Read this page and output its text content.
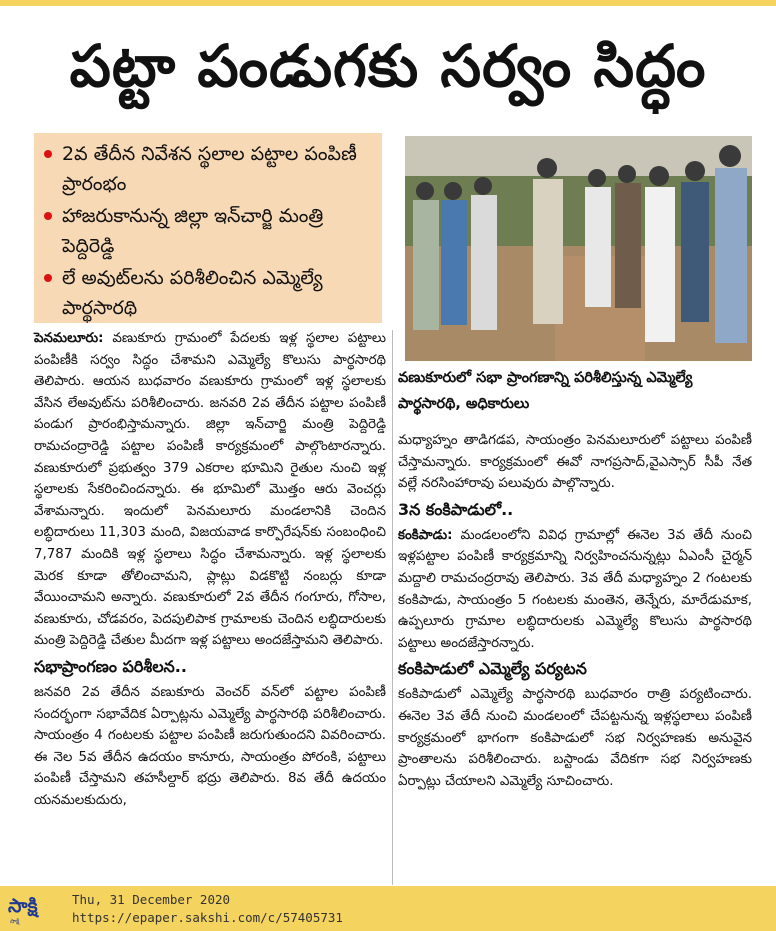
పట్టా పండుగకు సర్వం సిద్ధం
2వ తేదీన నివేశన స్థలాల పట్టాల పంపిణీ ప్రారంభం
హాజరుకానున్న జిల్లా ఇన్‌చార్జి మంత్రి పెద్దిరెడ్డి
లే అవుట్‌లను పరిశీలించిన ఎమ్మెల్యే పార్థసారథి
వణుకూరులో సభా ప్రాంగణాన్ని పరిశీలిస్తున్న ఎమ్మెల్యే పార్థసారథి, అధికారులు

పెనమలూరు: వణుకూరు గ్రామంలో పేదలకు ఇళ్ల స్థలాల పట్టాలు పంపిణీకి సర్వం సిద్ధం చేశామని ఎమ్మెల్యే కొలుసు పార్థసారథి తెలిపారు. ఆయన బుధవారం వణుకూరు గ్రామంలో ఇళ్ల స్థలాలకు వేసిన లేఅవుట్‌ను పరిశీలించారు. జనవరి 2వ తేదీన పట్టాల పంపిణీ పండుగ ప్రారంభిస్తామన్నారు. జిల్లా ఇన్‌చార్జి మంత్రి పెద్దిరెడ్డి రామచంద్రారెడ్డి పట్టాల పంపిణీ కార్యక్రమంలో పాల్గొంటారన్నారు. వణుకూరులో ప్రభుత్వం 379 ఎకరాల భూమిని రైతుల నుంచి ఇళ్ల స్థలాలకు సేకరించిందన్నారు. ఈ భూమిలో మొత్తం ఆరు వెంచర్లు వేశామన్నారు. ఇందులో పెనమలూరు మండలానికి చెందిన లబ్ధిదారులు 11,303 మంది, విజయవాడ కార్పొరేషన్‌కు సంబంధించి 7,787 మందికి ఇళ్ల స్థలాలు సిద్ధం చేశామన్నారు. ఇళ్ల స్థలాలకు మెరక కూడా తోలించామని, ప్లాట్లు విడకొట్టి నంబర్లు కూడా వేయించామని అన్నారు. వణుకూరులో 2వ తేదీన గంగూరు, గోసాల, వణుకూరు, చోడవరం, పెదపులిపాక గ్రామాలకు చెందిన లబ్ధిదారులకు మంత్రి పెద్దిరెడ్డి చేతుల మీదగా ఇళ్ల పట్టాలు అందజేస్తామని తెలిపారు.

సభాప్రాంగణం పరిశీలన..

జనవరి 2వ తేదీన వణుకూరు వెంచర్ వన్‌లో పట్టాల పంపిణీ సందర్భంగా సభావేదిక ఏర్పాట్లను ఎమ్మెల్యే పార్థసారథి పరిశీలించారు. సాయంత్రం 4 గంటలకు పట్టాల పంపిణీ జరుగుతుందని వివరించారు. ఈ నెల 5వ తేదీన ఉదయం కానూరు, సాయంత్రం పోరంకి, పట్టాలు పంపిణీ చేస్తామని తహసీల్దార్ భద్రు తెలిపారు. 8వ తేదీ ఉదయం యనమలకుదురు,

మధ్యాహ్నం తాడిగడప, సాయంత్రం పెనమలూరులో పట్టాలు పంపిణీ చేస్తామన్నారు. కార్యక్రమంలో ఈవో నాగప్రసాద్,వైఎస్సార్ సీపీ నేత వల్లే నరసింహారావు పలువురు పాల్గొన్నారు.

3న కంకిపాడులో..

కంకిపాడు: మండలంలోని వివిధ గ్రామాల్లో ఈనెల 3వ తేదీ నుంచి ఇళ్లపట్టాల పంపిణీ కార్యక్రమాన్ని నిర్వహించనున్నట్లు ఏఎంసీ చైర్మన్ మద్దాలి రామచంద్రరావు తెలిపారు. 3వ తేదీ మధ్యాహ్నం 2 గంటలకు కంకిపాడు, సాయంత్రం 5 గంటలకు మంతెన, తెన్నేరు, మారేడుమాక, ఉప్పలూరు గ్రామాల లబ్ధిదారులకు ఎమ్మెల్యే కొలుసు పార్థసారథి పట్టాలు అందజేస్తారన్నారు.

కంకిపాడులో ఎమ్మెల్యే పర్యటన

కంకిపాడులో ఎమ్మెల్యే పార్థసారథి బుధవారం రాత్రి పర్యటించారు. ఈనెల 3వ తేదీ నుంచి మండలంలో చేపట్టనున్న ఇళ్లస్థలాలు పంపిణీ కార్యక్రమంలో భాగంగా కంకిపాడులో సభ నిర్వహణకు అనువైన ప్రాంతాలను పరిశీలించారు. బస్టాండు వేదికగా సభ నిర్వహణకు ఏర్పాట్లు చేయాలని ఎమ్మెల్యే సూచించారు.

సాక్షి
సాక్షి
Thu, 31 December 2020
https://epaper.sakshi.com/c/57405731
